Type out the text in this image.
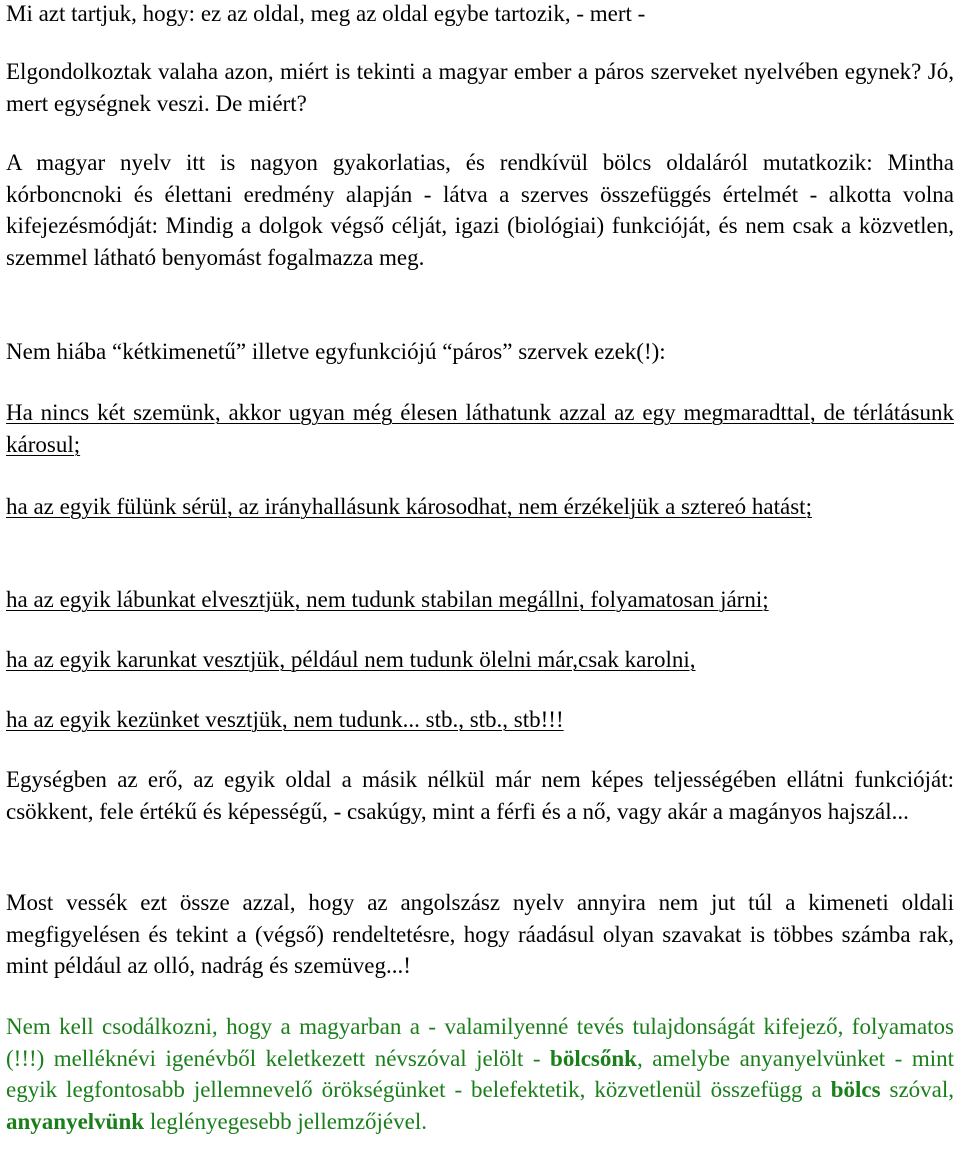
Mi azt tartjuk, hogy: ez az oldal, meg az oldal egybe tartozik, - mert -

Elgondolkoztak valaha azon, miért is tekinti a magyar ember a páros szerveket nyelvében egynek? Jó, mert egységnek veszi. De miért?

A magyar nyelv itt is nagyon gyakorlatias, és rendkívül bölcs oldaláról mutatkozik: Mintha kórboncnoki és élettani eredmény alapján - látva a szerves összefüggés értelmét - alkotta volna kifejezésmódját: Mindig a dolgok végső célját, igazi (biológiai) funkcióját, és nem csak a közvetlen, szemmel látható benyomást fogalmazza meg.

Nem hiába “kétkimenetű” illetve egyfunkciójú “páros” szervek ezek(!):

Ha nincs két szemünk, akkor ugyan még élesen láthatunk azzal az egy megmaradttal, de térlátásunk károsul;

ha az egyik fülünk sérül, az irányhallásunk károsodhat, nem érzékeljük a sztereó hatást;

ha az egyik lábunkat elvesztjük, nem tudunk stabilan megállni, folyamatosan járni;

ha az egyik karunkat vesztjük, például nem tudunk ölelni már,csak karolni,

ha az egyik kezünket vesztjük, nem tudunk... stb., stb., stb!!!

Egységben az erő, az egyik oldal a másik nélkül már nem képes teljességében ellátni funkcióját: csökkent, fele értékű és képességű, - csakúgy, mint a férfi és a nő, vagy akár a magányos hajszál...

Most vessék ezt össze azzal, hogy az angolszász nyelv annyira nem jut túl a kimeneti oldali megfigyelésen és tekint a (végső) rendeltetésre, hogy ráadásul olyan szavakat is többes számba rak, mint például az olló, nadrág és szemüveg...!

Nem kell csodálkozni, hogy a magyarban a - valamilyenné tevés tulajdonságát kifejező, folyamatos (!!!) melléknévi igenévből keletkezett névszóval jelölt - bölcsőnk, amelybe anyanyelvünket - mint egyik legfontosabb jellemnevelő örökségünket - belefektetik, közvetlenül összefügg a bölcs szóval, anyanyelvünk leglényegesebb jellemzőjével.
